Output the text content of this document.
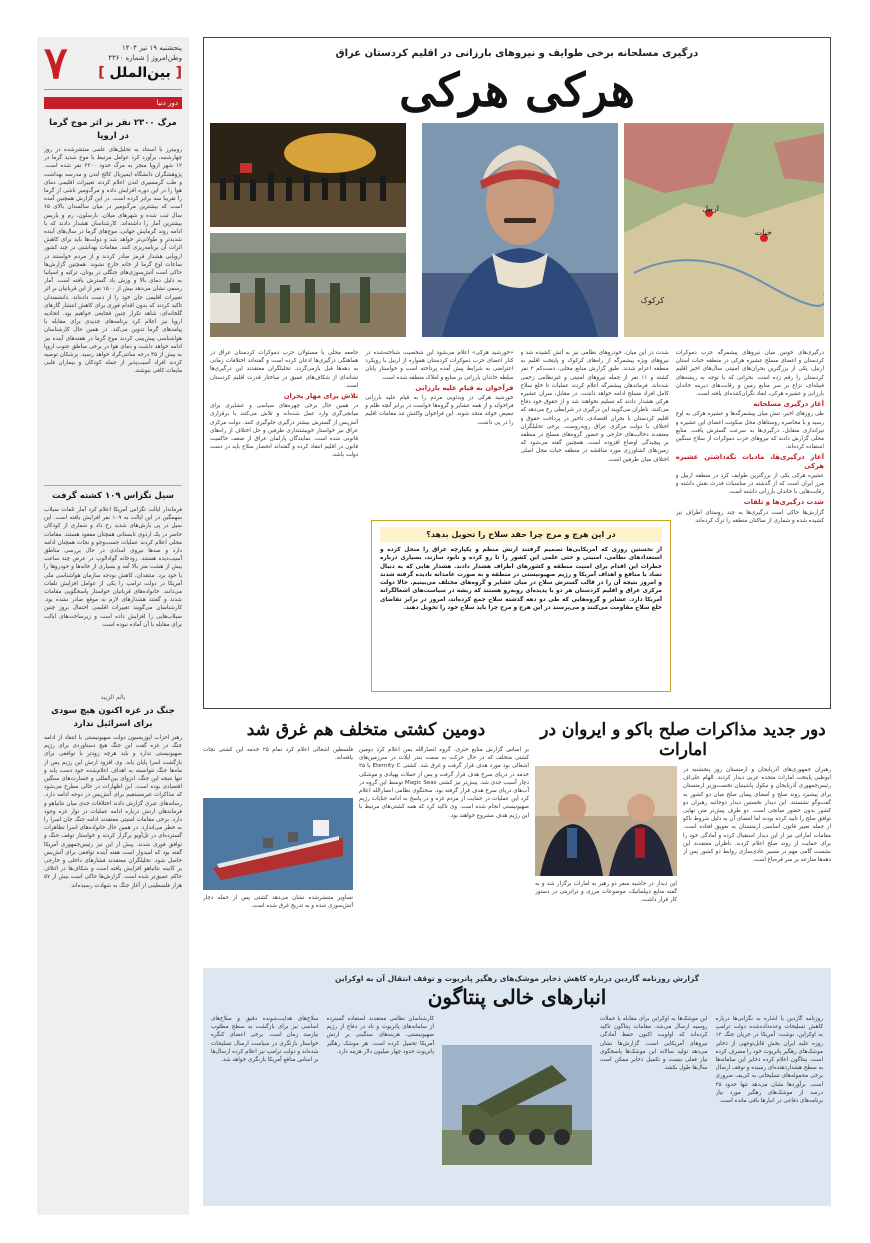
پنجشنبه ۱۹ تیر ۱۴۰۴
وطن‌امروز | شماره ۴۳۶۰
[ بین‌الملل ]
۷
دور دنیا
مرگ ۲۳۰۰ نفر بر اثر موج گرما در اروپا
روبیترز با استناد به تحلیل‌های علمی منتشرشده در روز چهارشنبه، برآورد کرد عوامل مرتبط با موج شدید گرما در ۱۲ شهر اروپا منجر به مرگ حدود ۲۳۰۰ نفر شده است. پژوهشگران دانشگاه ایمپریال کالج لندن و مدرسه بهداشت و طب گرمسیری لندن اعلام کردند تغییرات اقلیمی دمای هوا را در این دوره افزایش داده و مرگ‌ومیر ناشی از گرما را تقریبا سه برابر کرده است. در این گزارش همچنین آمده است که بیشترین مرگ‌ومیر در میان سالمندان بالای ۶۵ سال ثبت شده و شهرهای میلان، بارسلون، رم و پاریس بیشترین آمار را داشته‌اند. کارشناسان هشدار دادند که با ادامه روند گرمایش جهانی، موج‌های گرما در سال‌های آینده شدیدتر و طولانی‌تر خواهد شد و دولت‌ها باید برای کاهش اثرات آن برنامه‌ریزی کنند. مقامات بهداشتی در چند کشور اروپایی هشدار قرمز صادر کردند و از مردم خواستند در ساعات اوج گرما از خانه خارج نشوند. همچنین گزارش‌ها حاکی است آتش‌سوزی‌های جنگلی در یونان، ترکیه و اسپانیا به دلیل دمای بالا و وزش باد گسترش یافته است. آمار رسمی نشان می‌دهد بیش از ۱۵۰۰ نفر از این قربانیان بر اثر تغییرات اقلیمی جان خود را از دست داده‌اند. دانشمندان تاکید کردند که بدون اقدام فوری برای کاهش انتشار گازهای گلخانه‌ای، شاهد تکرار چنین فجایعی خواهیم بود. اتحادیه اروپا نیز اعلام کرد برنامه‌های جدیدی برای مقابله با پیامدهای گرما تدوین می‌کند. در همین حال کارشناسان هواشناسی پیش‌بینی کردند موج گرما در هفته‌های آینده نیز ادامه خواهد داشت و دمای هوا در برخی مناطق جنوب اروپا به بیش از ۴۵ درجه سانتی‌گراد خواهد رسید. پزشکان توصیه کردند افراد آسیب‌پذیر از جمله کودکان و بیماران قلبی مایعات کافی بنوشند.
سیل تگزاس ۱۰۹ کشته گرفت
فرماندار ایالت تگزاس آمریکا اعلام کرد آمار تلفات سیلاب سهمگین در این ایالت به ۱۰۹ نفر افزایش یافته است. این سیل در پی بارش‌های شدید رخ داد و شماری از کودکان حاضر در یک اردوی تابستانی همچنان مفقود هستند. مقامات محلی اعلام کردند عملیات جست‌وجو و نجات همچنان ادامه دارد و صدها نیروی امدادی در حال بررسی مناطق آسیب‌دیده هستند. رودخانه گوادالوپ در عرض چند ساعت بیش از هشت متر بالا آمد و بسیاری از خانه‌ها و خودروها را با خود برد. منتقدان، کاهش بودجه سازمان هواشناسی ملی آمریکا در دولت ترامپ را یکی از عوامل افزایش تلفات می‌دانند. خانواده‌های قربانیان خواستار پاسخگویی مقامات شدند و گفتند هشدارهای لازم به موقع صادر نشده بود. کارشناسان می‌گویند تغییرات اقلیمی احتمال بروز چنین سیلاب‌هایی را افزایش داده است و زیرساخت‌های ایالت برای مقابله با آن آماده نبوده است.
بالم الزبید
جنگ در غزه اکنون هیچ سودی برای اسرائیل ندارد
رهبر احزاب اپوزیسیون دولت صهیونیستی با انتقاد از ادامه جنگ در غزه گفت این جنگ هیچ دستاوردی برای رژیم صهیونیستی ندارد و باید هرچه زودتر با توافقی برای بازگشت اسرا پایان یابد. وی افزود ارتش این رژیم پس از ماه‌ها جنگ نتوانسته به اهداف اعلام‌شده خود دست یابد و تنها نتیجه این جنگ، انزوای بین‌المللی و خسارت‌های سنگین اقتصادی بوده است. این اظهارات در حالی مطرح می‌شود که مذاکرات غیرمستقیم برای آتش‌بس در دوحه ادامه دارد. رسانه‌های عبری گزارش دادند اختلافات جدی میان نتانیاهو و فرماندهان ارتش درباره ادامه عملیات در نوار غزه وجود دارد. برخی مقامات امنیتی معتقدند ادامه جنگ جان اسرا را به خطر می‌اندازد. در همین حال خانواده‌های اسرا تظاهرات گسترده‌ای در تل‌آویو برگزار کردند و خواستار توقف جنگ و توافق فوری شدند. پیش از این نیز رئیس‌جمهوری آمریکا گفته بود که امیدوار است هفته آینده توافقی برای آتش‌بس حاصل شود. تحلیلگران معتقدند فشارهای داخلی و خارجی بر کابینه نتانیاهو افزایش یافته است و شکاف‌ها در ائتلاف حاکم عمیق‌تر شده است. گزارش‌ها حاکی است بیش از ۵۷ هزار فلسطینی از آغاز جنگ به شهادت رسیده‌اند.
درگیری مسلحانه برخی طوایف و نیروهای بارزانی در اقلیم کردستان عراق
هرکی هرکی
اربیل
خبات
کرکوک
درگیری‌های خونین میان نیروهای پیشمرگه حزب دموکرات کردستان و اعضای مسلح عشیره هرکی در منطقه خبات استان اربیل، یکی از بزرگترین بحران‌های امنیتی سال‌های اخیر اقلیم کردستان را رقم زده است. بحرانی که با توجه به ریشه‌های قبیله‌ای، نزاع بر سر منابع زمین و رقابت‌های دیرینه خاندان بارزانی و عشیره هرکی، ابعاد نگران‌کننده‌ای یافته است.
آغاز درگیری مسلحانه
طی روزهای اخیر، تنش میان پیشمرگه‌ها و عشیره هرکی به اوج رسید و با محاصره روستاهای محل سکونت اعضای این عشیره و تیراندازی متقابل، درگیری‌ها به سرعت گسترش یافت. منابع محلی گزارش دادند که نیروهای حزب دموکرات از سلاح سنگین استفاده کرده‌اند.
آغاز درگیری‌ها، مادیات نگه‌داشتن عشیره هرکی
عشیره هرکی یکی از بزرگترین طوایف کرد در منطقه اربیل و مرز ایران است که از گذشته در مناسبات قدرت نقش داشته و رقابت‌هایی با خاندان بارزانی داشته است.
شدت درگیری‌ها و تلفات
گزارش‌ها حاکی است درگیری‌ها به چند روستای اطراف نیز کشیده شده و شماری از ساکنان منطقه را ترک کرده‌اند.
شدت در این میان، خودروهای نظامی نیز به آتش کشیده شد و نیروهای ویژه پیشمرگه از راه‌های کرکوک و پایتخت اقلیم به منطقه اعزام شدند. طبق گزارش منابع محلی، دست‌کم ۳ نفر کشته و ۱۱ نفر از جمله نیروهای امنیتی و غیرنظامی زخمی شده‌اند. فرماندهان پیشمرگه اعلام کردند عملیات تا خلع سلاح کامل افراد مسلح ادامه خواهد داشت. در مقابل، سران عشیره هرکی هشدار دادند که تسلیم نخواهند شد و از حقوق خود دفاع می‌کنند. ناظران می‌گویند این درگیری در شرایطی رخ می‌دهد که اقلیم کردستان با بحران اقتصادی، تاخیر در پرداخت حقوق و اختلاف با دولت مرکزی عراق روبه‌روست. برخی تحلیلگران معتقدند دخالت‌های خارجی و حضور گروه‌های مسلح در منطقه بر پیچیدگی اوضاع افزوده است. همچنین گفته می‌شود که زمین‌های کشاورزی مورد مناقشه در منطقه خبات محل اصلی اختلاف میان طرفین است.
«خورشید هرکی» اعلام می‌شود این شخصیت شناخته‌شده در کنار اعضای حزب دموکرات کردستان همواره از اربیل با رویکرد اعتراضی به شرایط پیش آمده پرداخته است و خواستار پایان سلطه خاندان بارزانی بر منابع و املاک منطقه شده است.
فرآخوان به قیام علیه بارزانی
خورشید هرکی در ویدئویی مردم را به قیام علیه بارزانی فراخواند و از همه عشایر و گروه‌ها خواست در برابر آنچه ظلم و تبعیض خواند متحد شوند. این فراخوان واکنش تند مقامات اقلیم را در پی داشت.
جامعه محلی با مسئولان حزب دموکرات کردستان عراق در هماهنگی درگیری‌ها اذعان کرده است و گفته‌اند اختلافات زمانی به دهه‌ها قبل بازمی‌گردد. تحلیلگران معتقدند این درگیری‌ها نشانه‌ای از شکاف‌های عمیق در ساختار قدرت اقلیم کردستان است.
تلاش برای مهار بحران
در همین حال برخی چهره‌های سیاسی و عشایری برای میانجی‌گری وارد عمل شده‌اند و تلاش می‌کنند با برقراری آتش‌بس از گسترش بیشتر درگیری جلوگیری کنند. دولت مرکزی عراق نیز خواستار خویشتنداری طرفین و حل اختلاف از راه‌های قانونی شده است. نمایندگان پارلمان عراق از ضعف حاکمیت قانون در اقلیم انتقاد کرده و گفته‌اند انحصار سلاح باید در دست دولت باشد.
در این هرج و مرج چرا حقد سلاح را تحویل بدهد؟
از نخستین روزی که آمریکایی‌ها تصمیم گرفتند ارتش منظم و یکپارچه عراق را منحل کرده و استعدادهای نظامی، امنیتی و حتی علمی این کشور را تا رو کرده و نابود سازند، بسیاری درباره خطرات این اقدام برای امنیت منطقه و کشورهای اطراف هشدار دادند. هشدار هایی که به دنبال تضاد با منافع و اهداف آمریکا و رژیم صهیونیستی در منطقه و به صورت عامدانه نادیده گرفته شدند و امروز نتیجه آن را در قالب گسترش سلاح در میان عشایر و گروه‌های مختلف می‌بینیم. حالا دولت مرکزی عراق و اقلیم کردستان هر دو با پدیده‌ای روبه‌رو هستند که ریشه در سیاست‌های اشغالگرانه آمریکا دارد. عشایر و گروه‌هایی که طی دو دهه گذشته سلاح جمع کرده‌اند، امروز در برابر تقاضای خلع سلاح مقاومت می‌کنند و می‌پرسند در این هرج و مرج چرا باید سلاح خود را تحویل دهند.
دور جدید مذاکرات صلح باکو و ایروان در امارات
رهبران جمهوری‌های آذربایجان و ارمنستان روز پنجشنبه در ابوظبی پایتخت امارات متحده عربی دیدار کردند. الهام علی‌اف رئیس‌جمهوری آذربایجان و نیکول پاشینیان نخست‌وزیر ارمنستان برای پیشبرد روند صلح و امضای پیمان صلح میان دو کشور به گفت‌وگو نشستند. این دیدار نخستین دیدار دوجانبه رهبران دو کشور بدون حضور میانجی است. دو طرف پیش‌تر متن نهایی توافق صلح را تایید کرده بودند اما امضای آن به دلیل شروط باکو از جمله تغییر قانون اساسی ارمنستان به تعویق افتاده است. مقامات اماراتی نیز از این دیدار استقبال کرده و آمادگی خود را برای حمایت از روند صلح اعلام کردند. ناظران معتقدند این نشست گامی مهم در مسیر عادی‌سازی روابط دو کشور پس از دهه‌ها منازعه بر سر قره‌باغ است.
این دیدار در حاشیه سفر دو رهبر به امارات برگزار شد و به گفته منابع دیپلماتیک، موضوعات مرزی و ترانزیتی در دستور کار قرار داشت.
دومین کشتی متخلف هم غرق شد
بر اساس گزارش منابع خبری، گروه انصارالله یمن اعلام کرد دومین کشتی متخلف که در حال حرکت به سمت بندر ایلات در سرزمین‌های اشغالی بود مورد هدف قرار گرفت و غرق شد. کشتی Eternity C با ۲۵ خدمه در دریای سرخ هدف قرار گرفت و پس از حملات پهپادی و موشکی دچار آسیب جدی شد. پیش‌تر نیز کشتی Magic Seas توسط این گروه در آب‌های دریای سرخ هدف قرار گرفته بود. سخنگوی نظامی انصارالله اعلام کرد این عملیات در حمایت از مردم غزه و در پاسخ به ادامه جنایات رژیم صهیونیستی انجام شده است. وی تاکید کرد که همه کشتی‌های مرتبط با این رژیم هدف مشروع خواهند بود.
فلسطین اشغالی اعلام کرد تمام ۲۵ خدمه این کشتی نجات یافته‌اند.
تصاویر منتشرشده نشان می‌دهد کشتی پس از حمله دچار آتش‌سوزی شده و به تدریج غرق شده است.
گزارش روزنامه گاردین درباره کاهش ذخایر موشک‌های رهگیر پاتریوت و توقف انتقال آن به اوکراین
انبارهای خالی پنتاگون
روزنامه گاردین با اشاره به نگرانی‌ها درباره کاهش تسلیحات وعده‌داده‌شده دولت ترامپ به اوکراین، نوشت: آمریکا در جریان جنگ ۱۲ روزه علیه ایران بخش قابل‌توجهی از ذخایر موشک‌های رهگیر پاتریوت خود را مصرف کرده است. پنتاگون اعلام کرده ذخایر این سامانه‌ها به سطح هشداردهنده‌ای رسیده و توقف ارسال برخی محموله‌های تسلیحاتی به کی‌یف ضروری است. برآوردها نشان می‌دهد تنها حدود ۲۵ درصد از موشک‌های رهگیر مورد نیاز برنامه‌های دفاعی در انبارها باقی مانده است.
این موشک‌ها به اوکراین برای مقابله با حملات روسیه ارسال می‌شد. مقامات پنتاگون تاکید کرده‌اند که اولویت اکنون حفظ آمادگی نیروهای آمریکایی است. گزارش‌ها نشان می‌دهد تولید سالانه این موشک‌ها پاسخگوی نیاز فعلی نیست و تکمیل ذخایر ممکن است سال‌ها طول بکشد.
کارشناسان نظامی معتقدند استفاده گسترده از سامانه‌های پاتریوت و تاد در دفاع از رژیم صهیونیستی، هزینه‌های سنگینی بر ارتش آمریکا تحمیل کرده است. هر موشک رهگیر پاتریوت حدود چهار میلیون دلار هزینه دارد.
سلاح‌های هدایت‌شونده دقیق و سلاح‌های اساسی نیز برای بازگشت به سطح مطلوب نیازمند زمان است. برخی اعضای کنگره خواستار بازنگری در سیاست ارسال تسلیحات شده‌اند و دولت ترامپ نیز اعلام کرده ارسال‌ها بر اساس منافع آمریکا بازنگری خواهد شد.
